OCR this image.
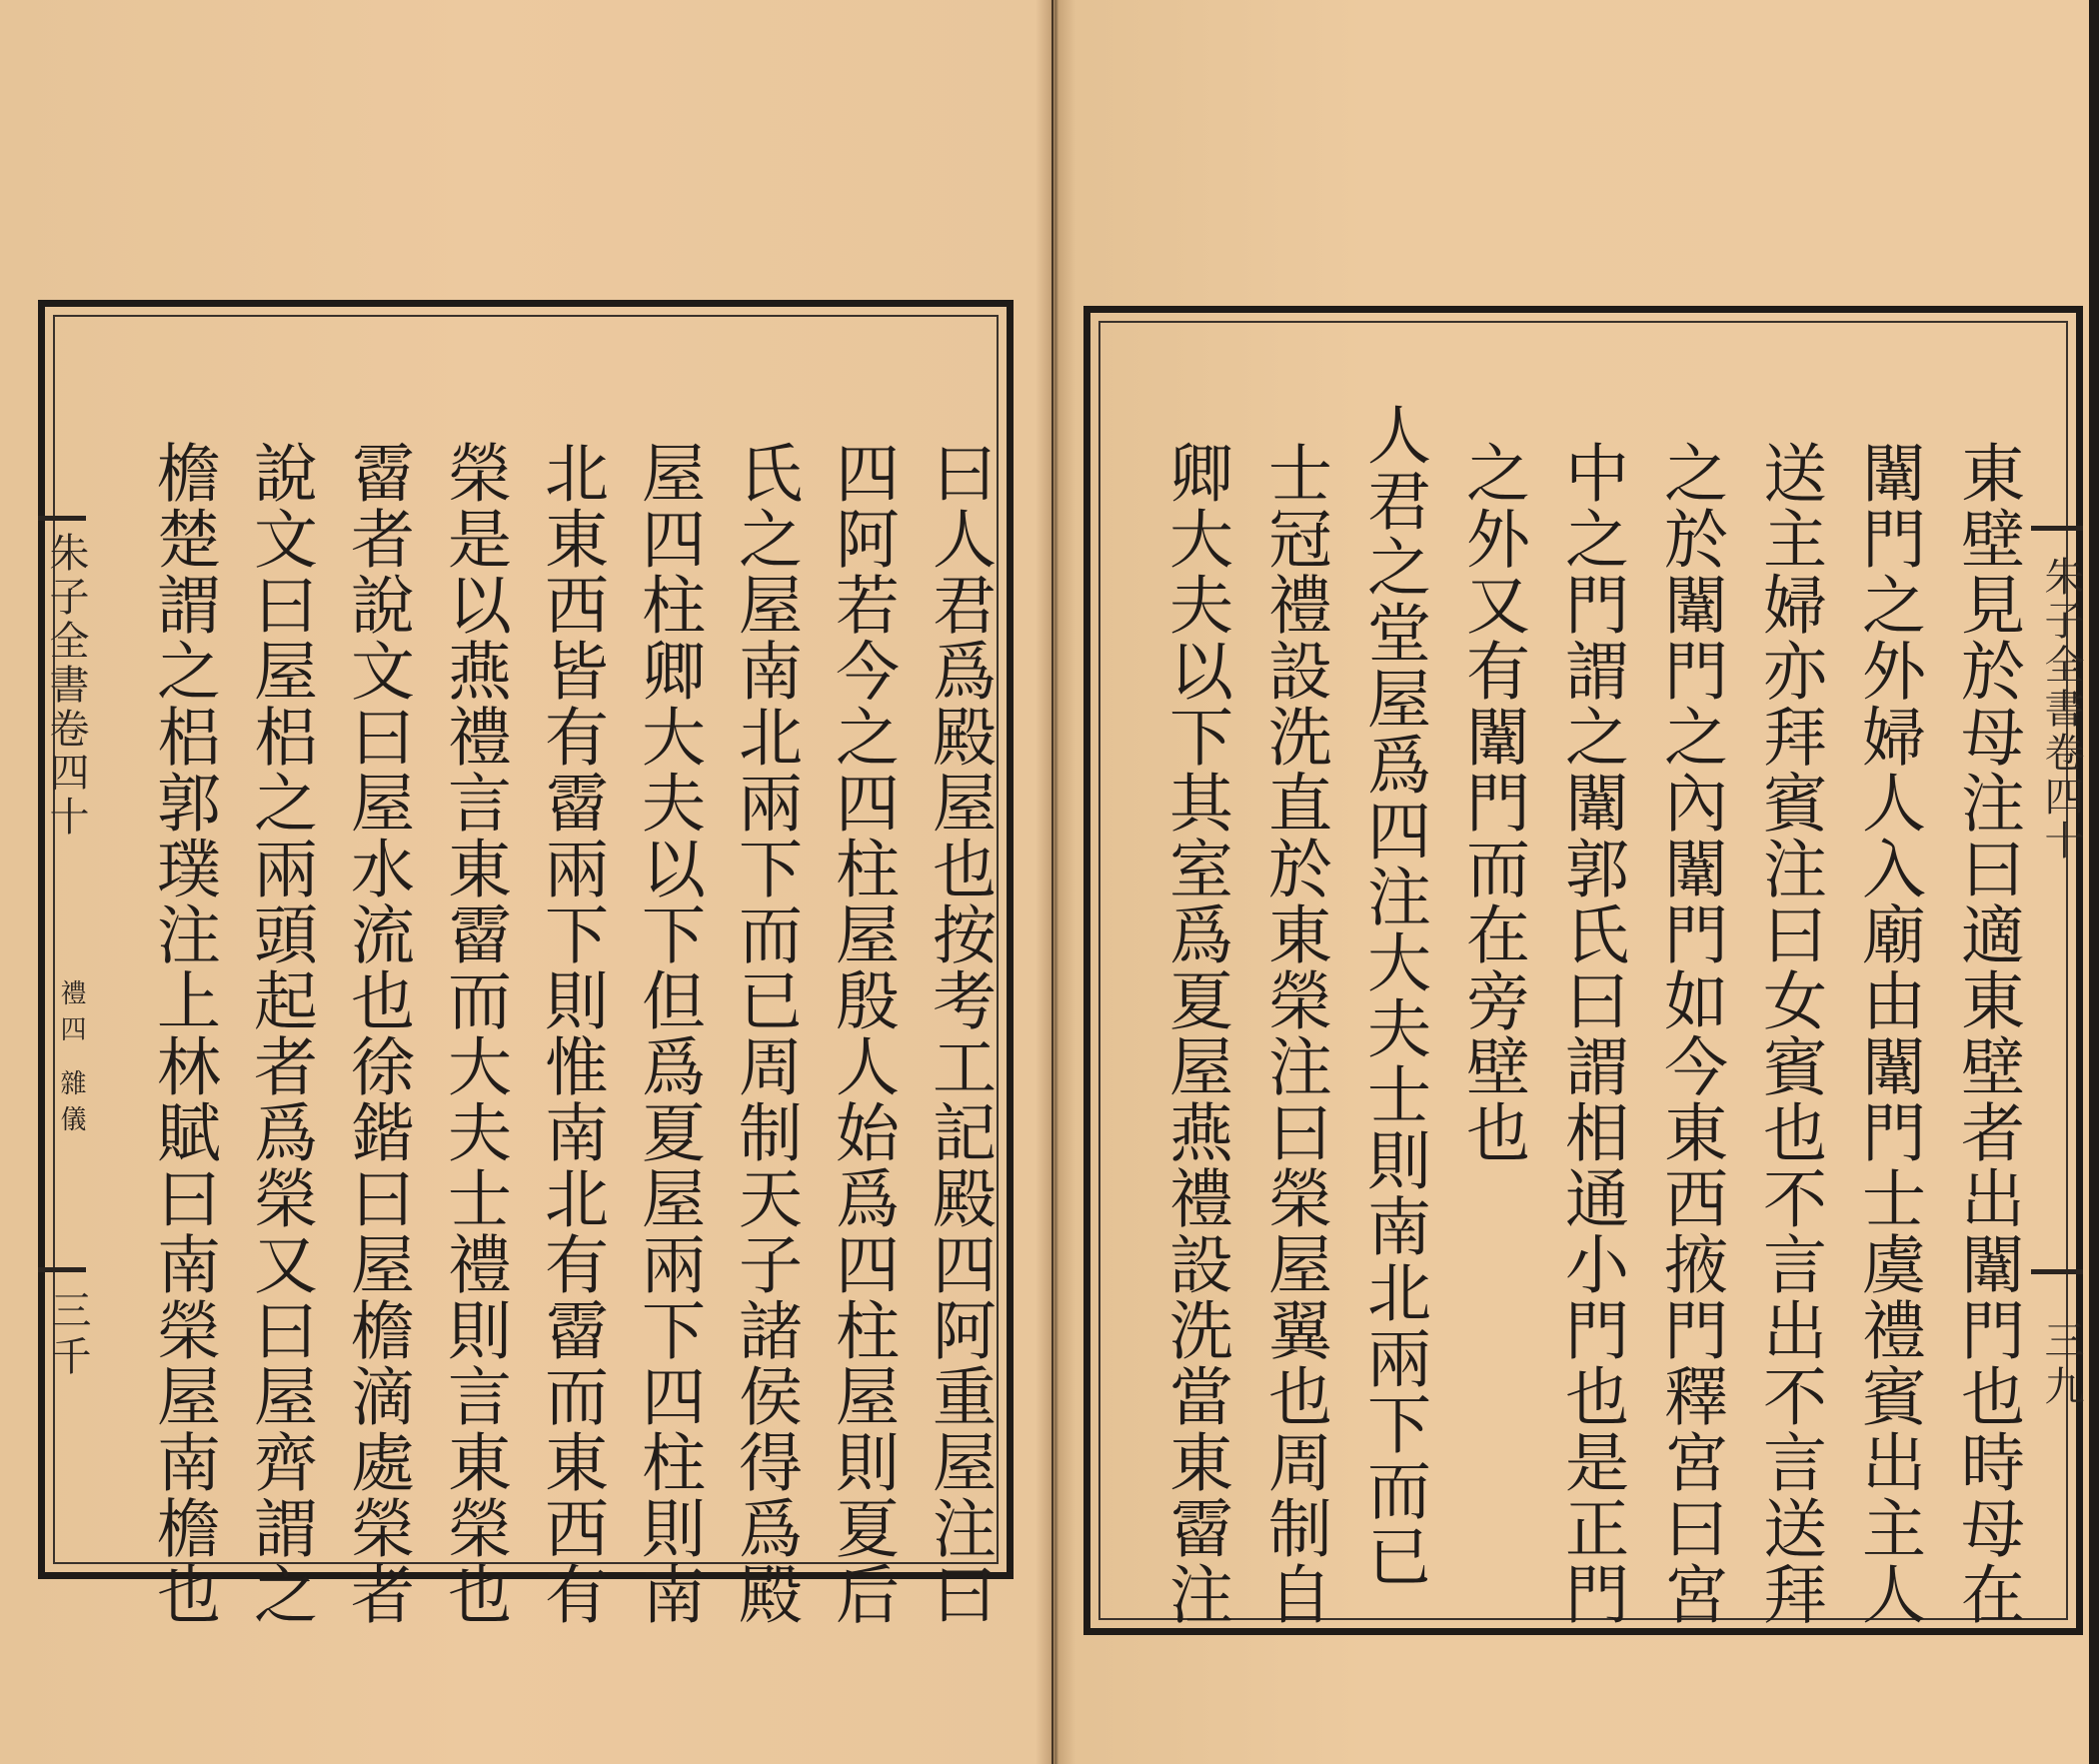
朱子全書卷四十
禮四 雜儀
三千	曰人君爲殿屋也按考工記殿四阿重屋注曰
四阿若今之四柱屋殷人始爲四柱屋則夏后
氏之屋南北兩下而已周制天子諸侯得爲殿
屋四柱卿大夫以下但爲夏屋兩下四柱則南
北東西皆有霤兩下則惟南北有霤而東西有
榮是以燕禮言東霤而大夫士禮則言東榮也
霤者說文曰屋水流也徐鍇曰屋檐滴處榮者
說文曰屋梠之兩頭起者爲榮又曰屋齊謂之
檐楚謂之梠郭璞注上林賦曰南榮屋南檐也	朱子全書卷四十
三九
東壁見於母注曰適東壁者出闈門也時母在
闈門之外婦人入廟由闈門士虞禮賓出主人
送主婦亦拜賓注曰女賓也不言出不言送拜
之於闈門之內闈門如今東西掖門釋宮曰宮
中之門謂之闈郭氏曰謂相通小門也是正門
之外又有闈門而在旁壁也
人君之堂屋爲四注大夫士則南北兩下而已
士冠禮設洗直於東榮注曰榮屋翼也周制自
卿大夫以下其室爲夏屋燕禮設洗當東霤注
